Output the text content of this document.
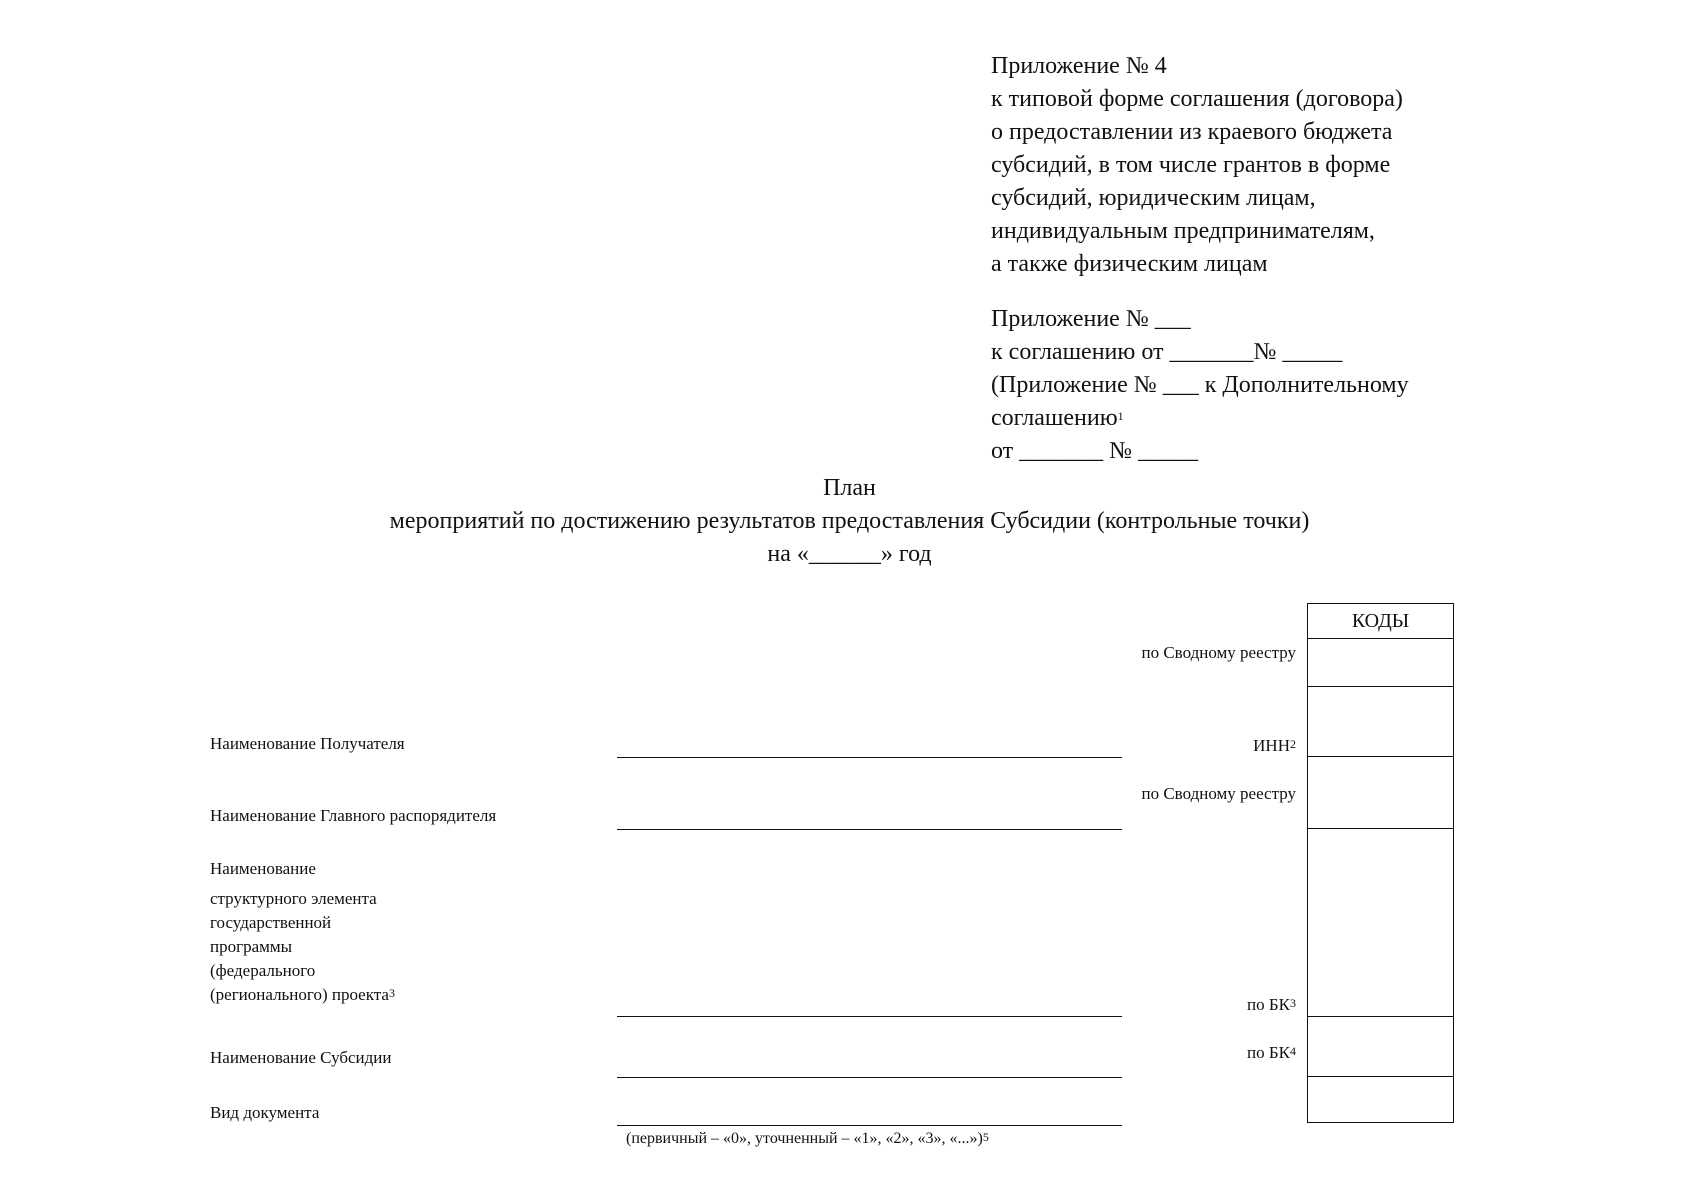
Приложение № 4
к типовой форме соглашения (договора)
о предоставлении из краевого бюджета
субсидий, в том числе грантов в форме
субсидий, юридическим лицам,
индивидуальным предпринимателям,
а также физическим лицам
Приложение № ___
к соглашению от _______№ _____
(Приложение № ___ к Дополнительному
соглашению$^1$
от _______ № _____
План
мероприятий по достижению результатов предоставления Субсидии (контрольные точки)
на «______» год
КОДЫ
по Сводному реестру
ИНН$^2$
по Сводному реестру
по $БК^3$
по $БК^4$
Наименование Получателя
Наименование Главного распорядителя
Наименование
структурного элемента
государственной
программы
(федерального
(регионального) проекта$^3$
Наименование Субсидии
Вид документа
(первичный – «0», уточненный – «1», «2», «3», «...»)$^5$
